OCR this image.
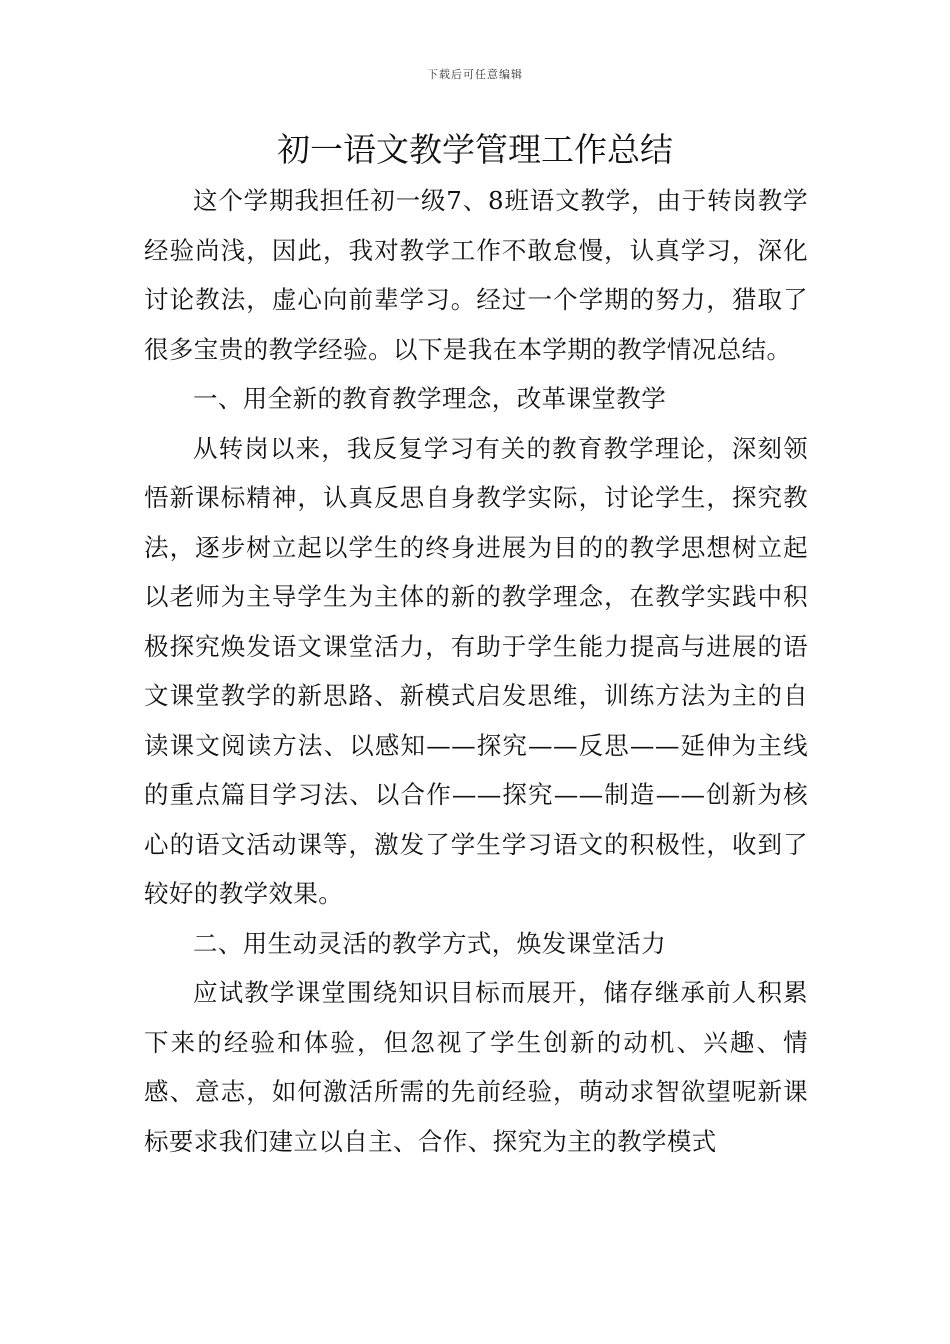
下载后可任意编辑
初一语文教学管理工作总结

这个学期我担任初一级7、8班语文教学，由于转岗教学经验尚浅，因此，我对教学工作不敢怠慢，认真学习，深化讨论教法，虚心向前辈学习。经过一个学期的努力，猎取了很多宝贵的教学经验。以下是我在本学期的教学情况总结。

一、用全新的教育教学理念，改革课堂教学

从转岗以来，我反复学习有关的教育教学理论，深刻领悟新课标精神，认真反思自身教学实际，讨论学生，探究教法，逐步树立起以学生的终身进展为目的的教学思想树立起以老师为主导学生为主体的新的教学理念，在教学实践中积极探究焕发语文课堂活力，有助于学生能力提高与进展的语文课堂教学的新思路、新模式启发思维，训练方法为主的自读课文阅读方法、以感知——探究——反思——延伸为主线的重点篇目学习法、以合作——探究——制造——创新为核心的语文活动课等，激发了学生学习语文的积极性，收到了较好的教学效果。

二、用生动灵活的教学方式，焕发课堂活力

应试教学课堂围绕知识目标而展开，储存继承前人积累下来的经验和体验，但忽视了学生创新的动机、兴趣、情感、意志，如何激活所需的先前经验，萌动求智欲望呢新课标要求我们建立以自主、合作、探究为主的教学模式
